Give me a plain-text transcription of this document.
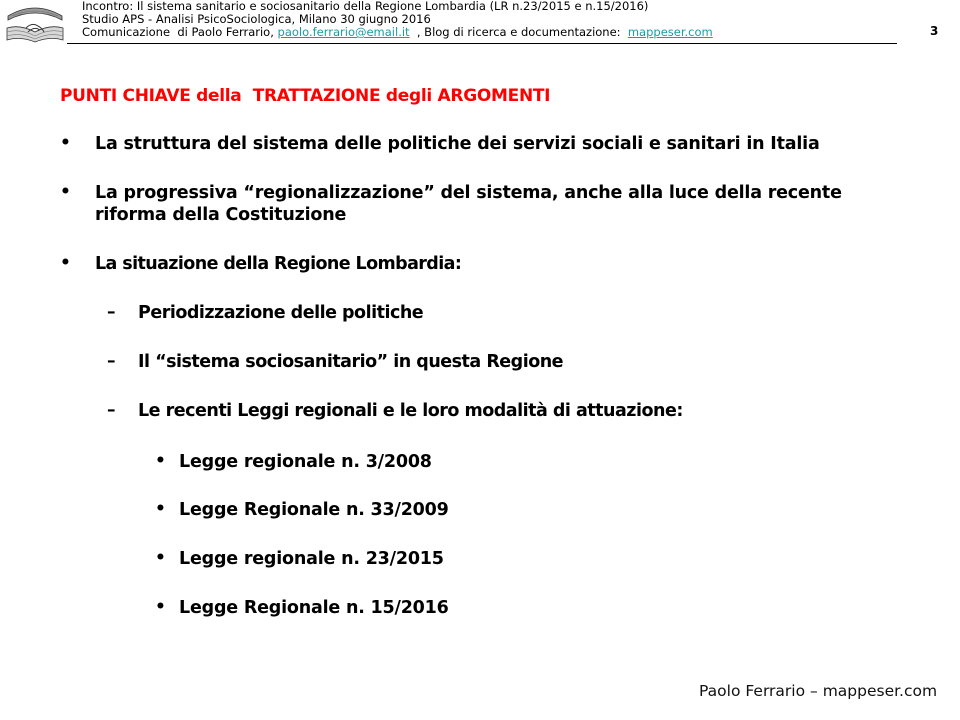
Incontro: Il sistema sanitario e sociosanitario della Regione Lombardia (LR n.23/2015 e n.15/2016)
Studio APS - Analisi PsicoSociologica, Milano 30 giugno 2016
Comunicazione  di Paolo Ferrario, paolo.ferrario@email.it  , Blog di ricerca e documentazione:  mappeser.com	3
PUNTI CHIAVE della  TRATTAZIONE degli ARGOMENTI
• La struttura del sistema delle politiche dei servizi sociali e sanitari in Italia
• La progressiva “regionalizzazione” del sistema, anche alla luce della recente
riforma della Costituzione
• La situazione della Regione Lombardia:
– Periodizzazione delle politiche
– Il “sistema sociosanitario” in questa Regione
– Le recenti Leggi regionali e le loro modalità di attuazione:
• Legge regionale n. 3/2008
• Legge Regionale n. 33/2009
• Legge regionale n. 23/2015
• Legge Regionale n. 15/2016
Paolo Ferrario – mappeser.com
